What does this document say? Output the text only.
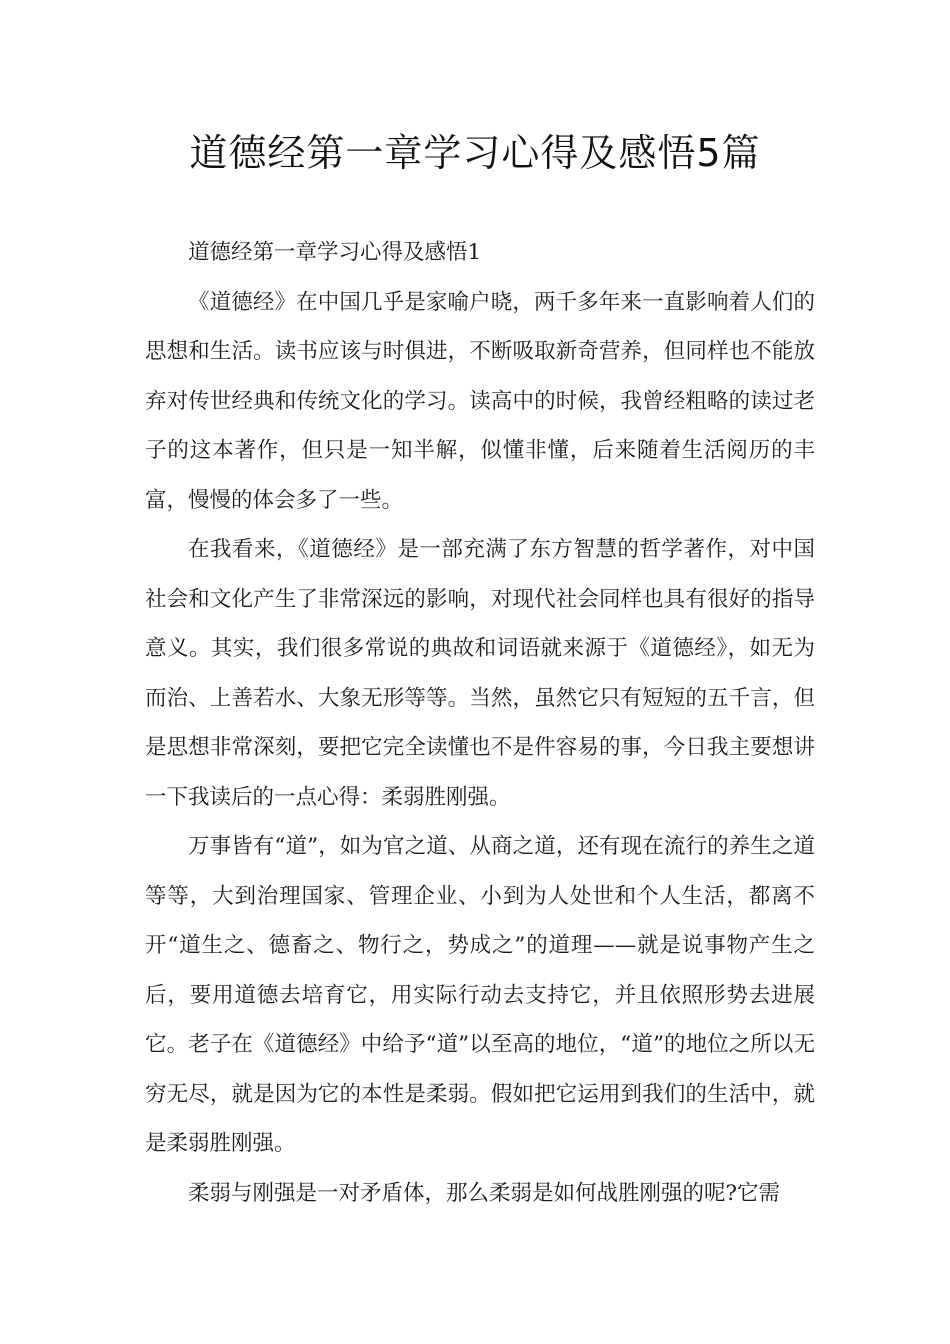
道德经第一章学习心得及感悟5篇

道德经第一章学习心得及感悟1

《道德经》在中国几乎是家喻户晓，两千多年来一直影响着人们的思想和生活。读书应该与时俱进，不断吸取新奇营养，但同样也不能放弃对传世经典和传统文化的学习。读高中的时候，我曾经粗略的读过老子的这本著作，但只是一知半解，似懂非懂，后来随着生活阅历的丰富，慢慢的体会多了一些。

在我看来，《道德经》是一部充满了东方智慧的哲学著作，对中国社会和文化产生了非常深远的影响，对现代社会同样也具有很好的指导意义。其实，我们很多常说的典故和词语就来源于《道德经》，如无为而治、上善若水、大象无形等等。当然，虽然它只有短短的五千言，但是思想非常深刻，要把它完全读懂也不是件容易的事，今日我主要想讲一下我读后的一点心得：柔弱胜刚强。

万事皆有“道”，如为官之道、从商之道，还有现在流行的养生之道等等，大到治理国家、管理企业、小到为人处世和个人生活，都离不开“道生之、德畜之、物行之，势成之”的道理——就是说事物产生之后，要用道德去培育它，用实际行动去支持它，并且依照形势去进展它。老子在《道德经》中给予“道”以至高的地位，“道”的地位之所以无穷无尽，就是因为它的本性是柔弱。假如把它运用到我们的生活中，就是柔弱胜刚强。

柔弱与刚强是一对矛盾体，那么柔弱是如何战胜刚强的呢?它需
